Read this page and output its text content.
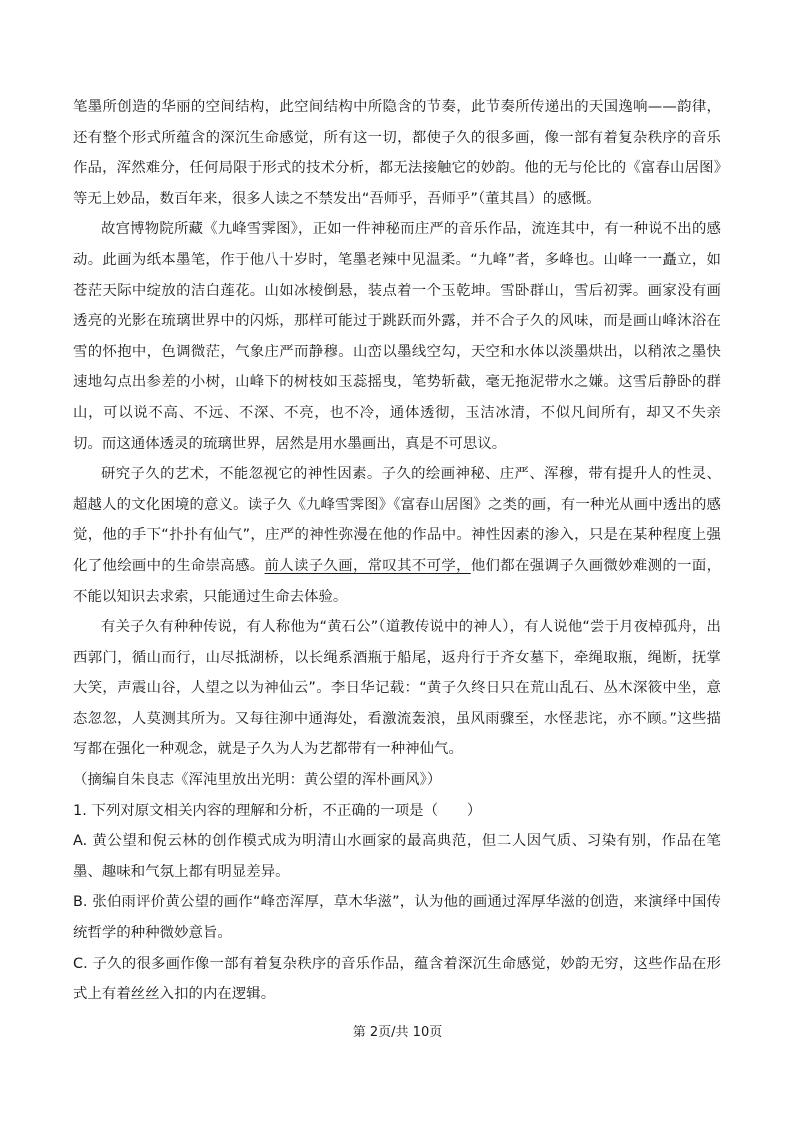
笔墨所创造的华丽的空间结构，此空间结构中所隐含的节奏，此节奏所传递出的天国逸响——韵律，还有整个形式所蕴含的深沉生命感觉，所有这一切，都使子久的很多画，像一部有着复杂秩序的音乐作品，浑然难分，任何局限于形式的技术分析，都无法接触它的妙韵。他的无与伦比的《富春山居图》等无上妙品，数百年来，很多人读之不禁发出“吾师乎，吾师乎”（董其昌）的感慨。

故宫博物院所藏《九峰雪霁图》，正如一件神秘而庄严的音乐作品，流连其中，有一种说不出的感动。此画为纸本墨笔，作于他八十岁时，笔墨老辣中见温柔。“九峰”者，多峰也。山峰一一矗立，如苍茫天际中绽放的洁白莲花。山如冰棱倒悬，装点着一个玉乾坤。雪卧群山，雪后初霁。画家没有画透亮的光影在琉璃世界中的闪烁，那样可能过于跳跃而外露，并不合子久的风味，而是画山峰沐浴在雪的怀抱中，色调微茫，气象庄严而静穆。山峦以墨线空勾，天空和水体以淡墨烘出，以稍浓之墨快速地勾点出参差的小树，山峰下的树枝如玉蕊摇曳，笔势斩截，毫无拖泥带水之嫌。这雪后静卧的群山，可以说不高、不远、不深、不亮，也不冷，通体透彻，玉洁冰清，不似凡间所有，却又不失亲切。而这通体透灵的琉璃世界，居然是用水墨画出，真是不可思议。

研究子久的艺术，不能忽视它的神性因素。子久的绘画神秘、庄严、浑穆，带有提升人的性灵、超越人的文化困境的意义。读子久《九峰雪霁图》《富春山居图》之类的画，有一种光从画中透出的感觉，他的手下“扑扑有仙气”，庄严的神性弥漫在他的作品中。神性因素的渗入，只是在某种程度上强化了他绘画中的生命崇高感。前人读子久画，常叹其不可学，他们都在强调子久画微妙难测的一面，不能以知识去求索，只能通过生命去体验。

有关子久有种种传说，有人称他为“黄石公”（道教传说中的神人），有人说他“尝于月夜棹孤舟，出西郭门，循山而行，山尽抵湖桥，以长绳系酒瓶于船尾，返舟行于齐女墓下，牵绳取瓶，绳断，抚掌大笑，声震山谷，人望之以为神仙云”。李日华记载：“黄子久终日只在荒山乱石、丛木深筱中坐，意态忽忽，人莫测其所为。又每往泖中通海处，看激流轰浪，虽风雨骤至，水怪悲诧，亦不顾。”这些描写都在强化一种观念，就是子久为人为艺都带有一种神仙气。

（摘编自朱良志《浑沌里放出光明：黄公望的浑朴画风》）

1. 下列对原文相关内容的理解和分析，不正确的一项是（　　）

A. 黄公望和倪云林的创作模式成为明清山水画家的最高典范，但二人因气质、习染有别，作品在笔墨、趣味和气氛上都有明显差异。

B. 张伯雨评价黄公望的画作“峰峦浑厚，草木华滋”，认为他的画通过浑厚华滋的创造，来演绎中国传统哲学的种种微妙意旨。

C. 子久的很多画作像一部有着复杂秩序的音乐作品，蕴含着深沉生命感觉，妙韵无穷，这些作品在形式上有着丝丝入扣的内在逻辑。

第 2页/共 10页
